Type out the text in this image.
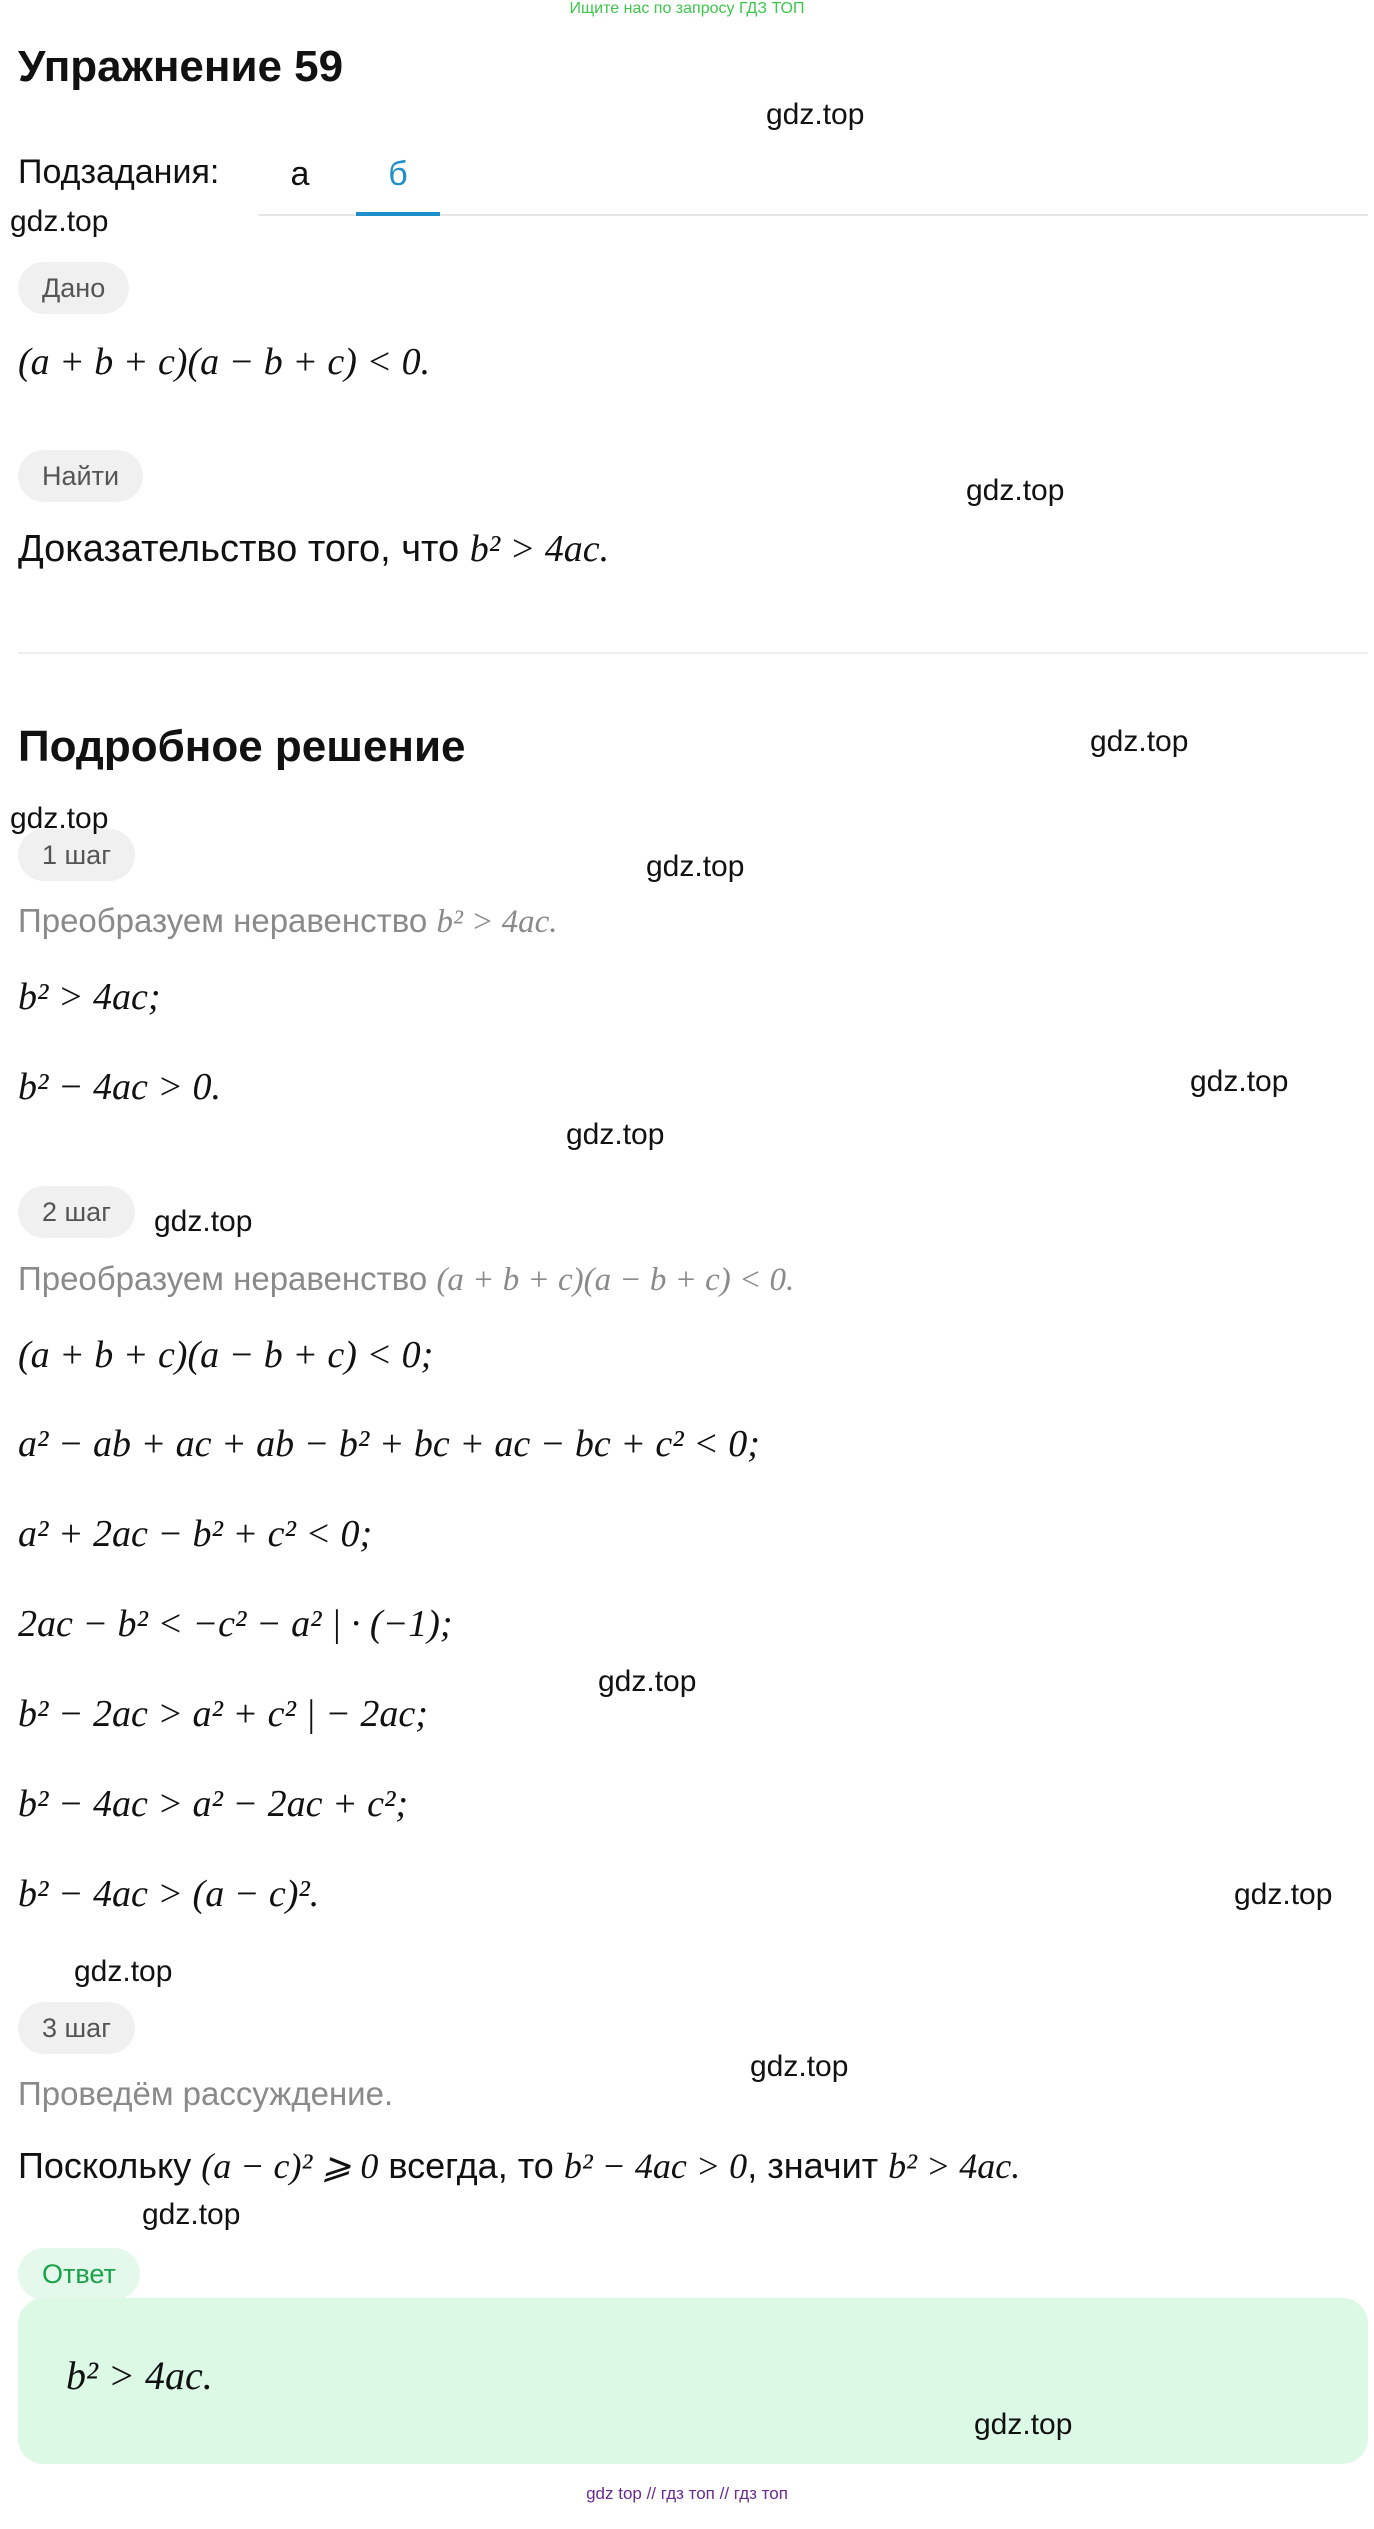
Ищите нас по запросу ГДЗ ТОП
Упражнение 59
Подзадания:	а	б
Дано
(a + b + c)(a − b + c) < 0.
Найти
Доказательство того, что b² > 4ac.
Подробное решение
1 шаг
Преобразуем неравенство b² > 4ac.
b² > 4ac;
b² − 4ac > 0.
2 шаг
Преобразуем неравенство (a + b + c)(a − b + c) < 0.
(a + b + c)(a − b + c) < 0;
a² − ab + ac + ab − b² + bc + ac − bc + c² < 0;
a² + 2ac − b² + c² < 0;
2ac − b² < −c² − a² | · (−1);
b² − 2ac > a² + c² | − 2ac;
b² − 4ac > a² − 2ac + c²;
b² − 4ac > (a − c)².
3 шаг
Проведём рассуждение.
Поскольку (a − c)² ⩾ 0 всегда, то b² − 4ac > 0, значит b² > 4ac.
Ответ
b² > 4ac.
gdz.top
gdz.top
gdz.top
gdz.top
gdz.top
gdz.top
gdz.top
gdz.top
gdz.top
gdz.top
gdz.top
gdz.top
gdz.top
gdz.top
gdz.top
gdz top // гдз топ // гдз топ
